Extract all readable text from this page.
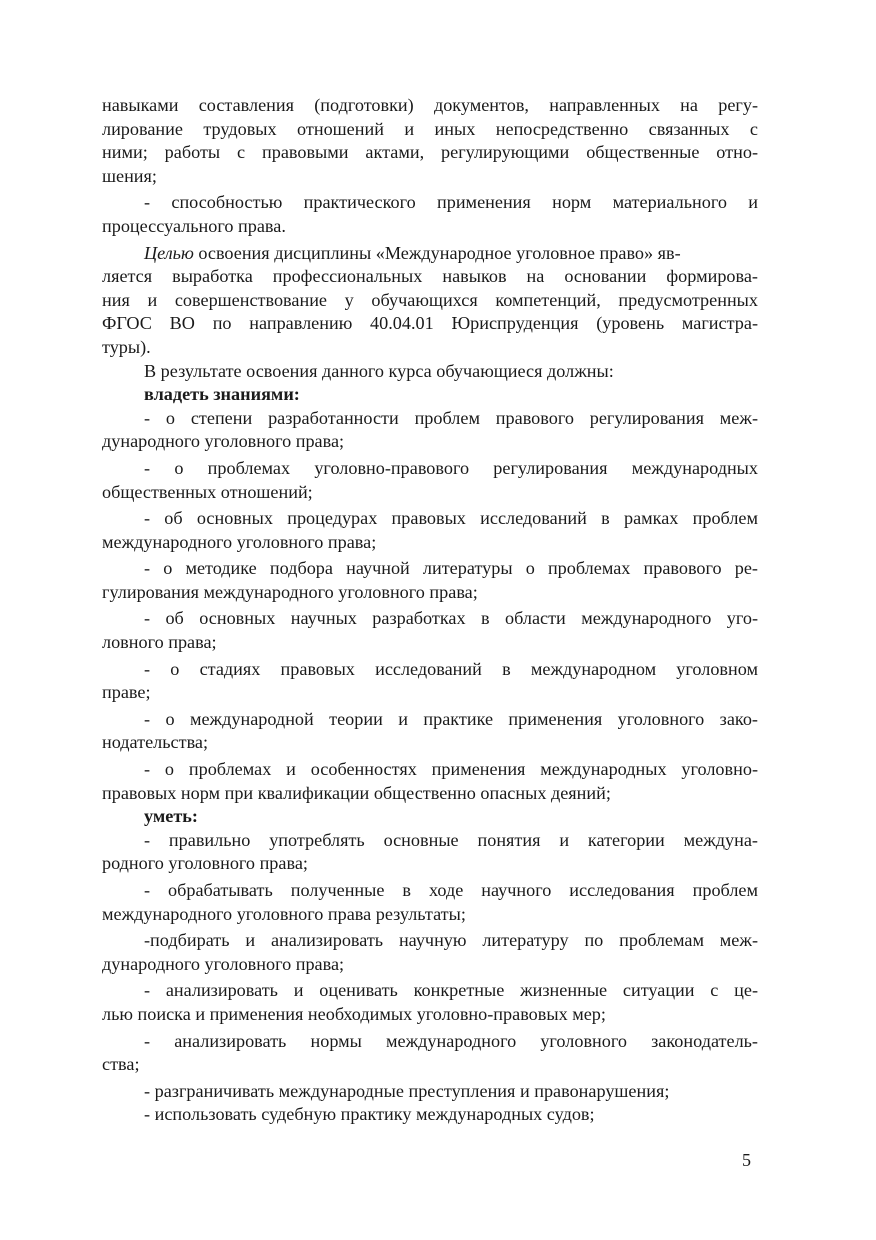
навыками составления (подготовки) документов, направленных на регу-
лирование трудовых отношений и иных непосредственно связанных с
ними; работы с правовыми актами, регулирующими общественные отно-
шения;
- способностью практического применения норм материального и
процессуального права.
Целью освоения дисциплины «Международное уголовное право» яв-
ляется выработка профессиональных навыков на основании формирова-
ния и совершенствование у обучающихся компетенций, предусмотренных
ФГОС ВО по направлению 40.04.01 Юриспруденция (уровень магистра-
туры).
В результате освоения данного курса обучающиеся должны:
владеть знаниями:
- о степени разработанности проблем правового регулирования меж-
дународного уголовного права;
- о проблемах уголовно-правового регулирования международных
общественных отношений;
- об основных процедурах правовых исследований в рамках проблем
международного уголовного права;
- о методике подбора научной литературы о проблемах правового ре-
гулирования международного уголовного права;
- об основных научных разработках в области международного уго-
ловного права;
- о стадиях правовых исследований в международном уголовном
праве;
- о международной теории и практике применения уголовного зако-
нодательства;
- о проблемах и особенностях применения международных уголовно-
правовых норм при квалификации общественно опасных деяний;
уметь:
- правильно употреблять основные понятия и категории междуна-
родного уголовного права;
- обрабатывать полученные в ходе научного исследования проблем
международного уголовного права результаты;
-подбирать и анализировать научную литературу по проблемам меж-
дународного уголовного права;
- анализировать и оценивать конкретные жизненные ситуации с це-
лью поиска и применения необходимых уголовно-правовых мер;
- анализировать нормы международного уголовного законодатель-
ства;
- разграничивать международные преступления и правонарушения;
- использовать судебную практику международных судов;
5
